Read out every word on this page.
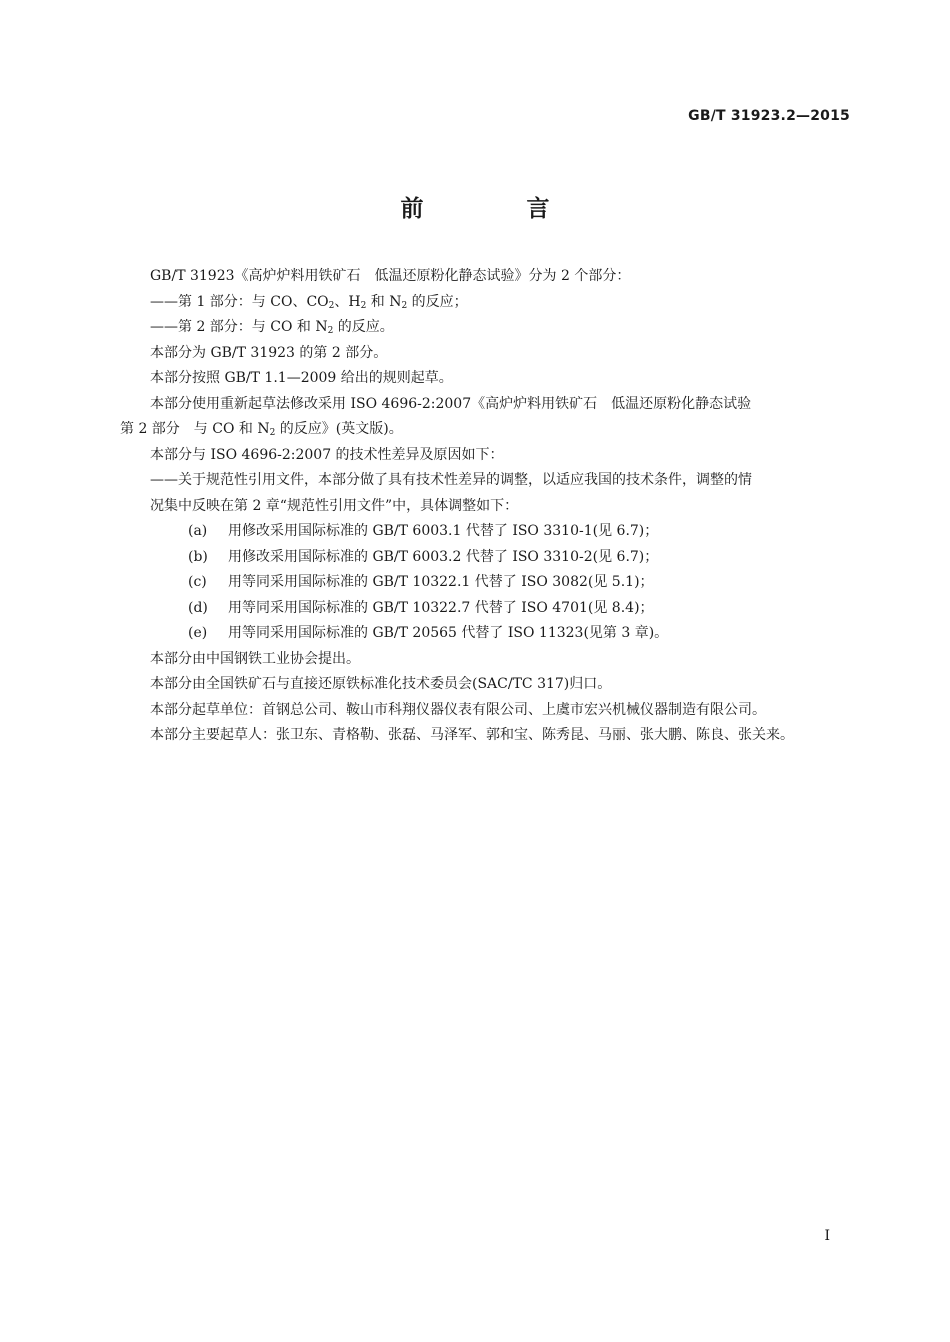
GB/T 31923.2—2015
前　言

GB/T 31923《高炉炉料用铁矿石　低温还原粉化静态试验》分为 2 个部分：

——第 1 部分：与 CO、$CO_2$、$H_2$ 和 $N_2$ 的反应；

——第 2 部分：与 CO 和 $N_2$ 的反应。

本部分为 GB/T 31923 的第 2 部分。

本部分按照 GB/T 1.1—2009 给出的规则起草。

本部分使用重新起草法修改采用 ISO 4696-2:2007《高炉炉料用铁矿石　低温还原粉化静态试验

第 2 部分　与 CO 和 $N_2$ 的反应》(英文版)。

本部分与 ISO 4696-2:2007 的技术性差异及原因如下：

——关于规范性引用文件，本部分做了具有技术性差异的调整，以适应我国的技术条件，调整的情

况集中反映在第 2 章“规范性引用文件”中，具体调整如下：

(a) 用修改采用国际标准的 GB/T 6003.1 代替了 ISO 3310-1(见 6.7)；

(b) 用修改采用国际标准的 GB/T 6003.2 代替了 ISO 3310-2(见 6.7)；

(c) 用等同采用国际标准的 GB/T 10322.1 代替了 ISO 3082(见 5.1)；

(d) 用等同采用国际标准的 GB/T 10322.7 代替了 ISO 4701(见 8.4)；

(e) 用等同采用国际标准的 GB/T 20565 代替了 ISO 11323(见第 3 章)。

本部分由中国钢铁工业协会提出。

本部分由全国铁矿石与直接还原铁标准化技术委员会(SAC/TC 317)归口。

本部分起草单位：首钢总公司、鞍山市科翔仪器仪表有限公司、上虞市宏兴机械仪器制造有限公司。

本部分主要起草人：张卫东、青格勒、张磊、马泽军、郭和宝、陈秀昆、马丽、张大鹏、陈良、张关来。

I
